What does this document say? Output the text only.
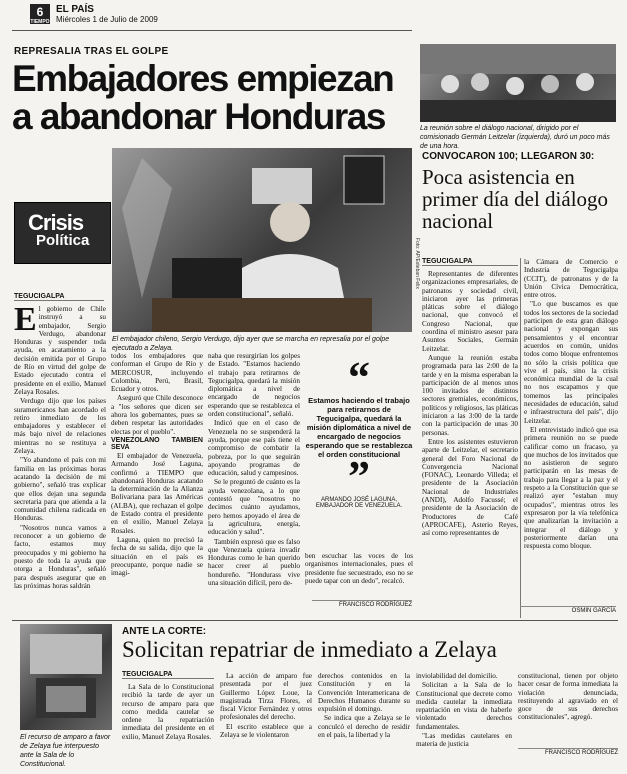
6
TIEMPO
EL PAÍS
Miércoles 1 de Julio de 2009
REPRESALIA TRAS EL GOLPE
Embajadores empiezan a abandonar Honduras
Crisis
Política	Foto: AP/Esteban Felix
El embajador chileno, Sergio Verdugo, dijo ayer que se marcha en represalia por el golpe ejecutado a Zelaya.
TEGUCIGALPA

El gobierno de Chile instruyó a su embajador, Sergio Verdugo, abandonar Honduras y suspender toda ayuda, en acatamiento a la decisión emitida por el Grupo de Río en virtud del golpe de Estado ejecutado contra el presidente en el exilio, Manuel Zelaya Rosales.

Verdugo dijo que los países suramericanos han acordado el retiro inmediato de los embajadores y establecer el más bajo nivel de relaciones mientras no se restituya a Zelaya.

"Yo abandono el país con mi familia en las próximas horas acatando la decisión de mi gobierno", señaló tras explicar que ellos dejan una segunda secretaria para que atienda a la comunidad chilena radicada en Honduras.

"Nosotros nunca vamos a reconocer a un gobierno de facto, estamos muy preocupados y mi gobierno ha puesto de toda la ayuda que otorga a Honduras", señaló para después asegurar que en las próximas horas saldrán

todos los embajadores que conforman el Grupo de Río y MERCOSUR, incluyendo Colombia, Perú, Brasil, Ecuador y otros.

Aseguró que Chile desconoce a "los señores que dicen ser ahora los gobernantes, pues se deben respetar las autoridades electas por el pueblo".

VENEZOLANO TAMBIEN SEVA

El embajador de Venezuela, Armando José Laguna, confirmó a TIEMPO que abandonará Honduras acatando la determinación de la Alianza Bolivariana para las Américas (ALBA), que rechazan el golpe de Estado contra el presidente en el exilio, Manuel Zelaya Rosales.

Laguna, quien no precisó la fecha de su salida, dijo que la situación en el país es preocupante, porque nadie se imagi-

naba que resurgirían los golpes de Estado. "Estamos haciendo el trabajo para retirarnos de Tegucigalpa, quedará la misión diplomática a nivel de encargado de negocios esperando que se restablezca el orden constitucional", señaló.

Indicó que en el caso de Venezuela no se suspenderá la ayuda, porque ese país tiene el compromiso de combatir la pobreza, por lo que seguirán apoyando programas de educación, salud y campesinos.

Se le preguntó de cuánto es la ayuda venezolana, a lo que contestó que "nosotros no decimos cuánto ayudamos, pero hemos apoyado el área de la agricultura, energía, educación y salud".

También expresó que es falso que Venezuela quiera invadir Honduras como le han querido hacer creer al pueblo hondureño. "Hondurass vive una situación difícil, pero de-

“
Estamos haciendo el trabajo para retirarnos de Tegucigalpa, quedará la misión diplomática a nivel de encargado de negocios esperando que se restablezca el orden constitucional
”
ARMANDO JOSÉ LAGUNA, EMBAJADOR DE VENEZUELA.

ben escuchar las voces de los organismos internacionales, pues el presidente fue secuestrado, eso no se puede tapar con un dedo", recalcó.

FRANCISCO RODRÍGUEZ
La reunión sobre el diálogo nacional, dirigido por el comisionado Germán Leitzelar (izquierda), duró un poco más de una hora.
CONVOCARON 100; LLEGARON 30:
Poca asistencia en primer día del diálogo nacional
TEGUCIGALPA

Representantes de diferentes organizaciones empresariales, de patronatos y sociedad civil, iniciaron ayer las primeras pláticas sobre el diálogo nacional, que convocó el Congreso Nacional, que coordina el ministro asesor para Asuntos Sociales, Germán Leitzelar.

Aunque la reunión estaba programada para las 2:00 de la tarde y en la misma esperaban la participación de al menos unos 100 invitados de distintos sectores gremiales, económicos, políticos y religiosos, las pláticas iniciaron a las 3:00 de la tarde con la participación de unas 30 personas.

Entre los asistentes estuvieron aparte de Leitzelar, el secretario general del Foro Nacional de Convergencia Nacional (FONAC), Leonardo Villeda; el presidente de la Asociación Nacional de Industriales (ANDI), Adolfo Facussé; el presidente de la Asociación de Productores de Café (APROCAFE), Asterio Reyes, así como representantes de

la Cámara de Comercio e Industria de Tegucigalpa (CCIT), de patronatos y de la Unión Cívica Democrática, entre otros.

"Lo que buscamos es que todos los sectores de la sociedad participen de esta gran diálogo nacional y expongan sus pensamientos y el encontrar acuerdos en común, unidos todos como bloque enfrentemos no sólo la crisis política que vive el país, sino la crisis económica mundial de la cual no nos escapamos y que tomemos las principales necesidades de educación, salud e infraestructura del país", dijo Leitzelar.

El entrevistado indicó que esa primera reunión no se puede calificar como un fracaso, ya que muchos de los invitados que no asistieron de seguro participarán en las mesas de trabajo para llegar a la paz y el respeto a la Constitución que se realizó ayer "estaban muy ocupados", mientras otros les expresaron por la vía telefónica que analizarían la invitación a integrar el diálogo y posteriormente darían una respuesta como bloque.

OSMIN GARCÍA
ANTE LA CORTE:
Solicitan repatriar de inmediato a Zelaya
El recurso de amparo a favor de Zelaya fue interpuesto ante la Sala de lo Constitucional.
TEGUCIGALPA

La Sala de lo Constitucional recibió la tarde de ayer un recurso de amparo para que como medida cautelar se ordene la repatriación inmediata del presidente en el exilio, Manuel Zelaya Rosales.

La acción de amparo fue presentada por el juez Guillermo López Loue, la magistrada Tirza Flores, el fiscal Víctor Fernández y otros profesionales del derecho.

El escrito establece que a Zelaya se le violentaron

derechos contenidos en la Constitución y en la Convención Interamericana de Derechos Humanos durante su expulsión el domingo.

Se indica que a Zelaya se le conculcó el derecho de residir en el país, la libertad y la

inviolabilidad del domicilio.

Solicitan a la Sala de lo Constitucional que decrete como medida cautelar la inmediata repatriación en vista de haberle violentado derechos fundamentales.

"Las medidas cautelares en materia de justicia

constitucional, tienen por objeto hacer cesar de forma inmediata la violación denunciada, restituyendo al agraviado en el goce de sus derechos constitucionales", agregó.

FRANCISCO RODRÍGUEZ
